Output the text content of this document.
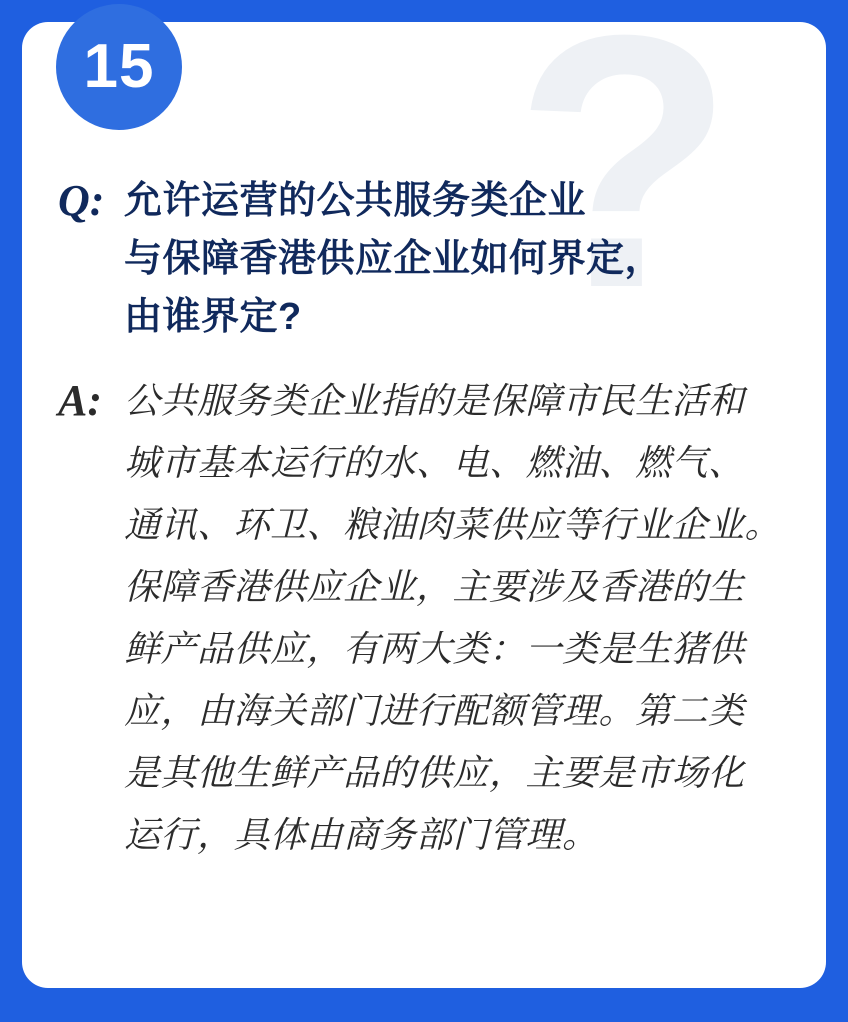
?
Q: 允许运营的公共服务类企业
与保障香港供应企业如何界定，
由谁界定?
A: 公共服务类企业指的是保障市民生活和
城市基本运行的水、电、燃油、燃气、
通讯、环卫、粮油肉菜供应等行业企业。
保障香港供应企业，主要涉及香港的生
鲜产品供应，有两大类：一类是生猪供
应，由海关部门进行配额管理。第二类
是其他生鲜产品的供应，主要是市场化
运行，具体由商务部门管理。
15
